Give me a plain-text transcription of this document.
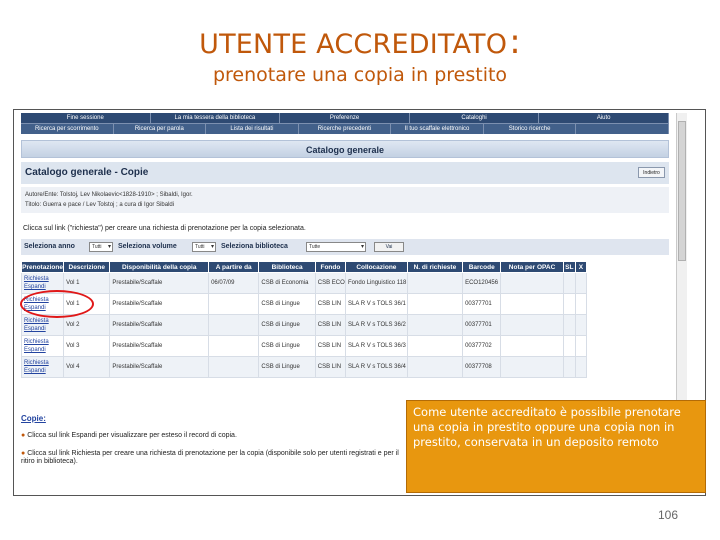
UTENTE ACCREDITATO:
prenotare una copia in prestito
Fine sessione	La mia tessera della biblioteca	Preferenze	Cataloghi	Aiuto
Ricerca per scorrimento	Ricerca per parola	Lista dei risultati	Ricerche precedenti	Il tuo scaffale elettronico	Storico ricerche
Catalogo generale
Catalogo generale - Copie	Indietro
Autore/Ente: Tolstoj, Lev Nikolaevic<1828-1910> ; Sibaldi, Igor.
Titolo: Guerra e pace / Lev Tolstoj ; a cura di Igor Sibaldi
Clicca sul link ("richiesta") per creare una richiesta di prenotazione per la copia selezionata.
Seleziona anno	Tutti ▾	Seleziona volume	Tutti ▾	Seleziona biblioteca	Tutte ▾	Vai
Prenotazione	Descrizione	Disponibilità della copia	A partire da	Biblioteca	Fondo	Collocazione	N. di richieste	Barcode	Nota per OPAC	SL	X

Richiesta
Espandi	Vol 1	Prestabile/Scaffale	06/07/09	CSB di Economia	CSB ECO	Fondo Linguistico 118		ECO120456			

Richiesta
Espandi	Vol 1	Prestabile/Scaffale		CSB di Lingue	CSB LIN	SLA R V s TOLS 36/1		00377701			

Richiesta
Espandi	Vol 2	Prestabile/Scaffale		CSB di Lingue	CSB LIN	SLA R V s TOLS 36/2		00377701			

Richiesta
Espandi	Vol 3	Prestabile/Scaffale		CSB di Lingue	CSB LIN	SLA R V s TOLS 36/3		00377702			

Richiesta
Espandi	Vol 4	Prestabile/Scaffale		CSB di Lingue	CSB LIN	SLA R V s TOLS 36/4		00377708			
Copie:
● Clicca sul link Espandi per visualizzare per esteso il record di copia.
● Clicca sul link Richiesta per creare una richiesta di prenotazione per la copia (disponibile solo per utenti registrati e per il ritiro in biblioteca).
Come utente accreditato è possibile prenotare una copia in prestito oppure una copia non in prestito, conservata in un deposito remoto
106
